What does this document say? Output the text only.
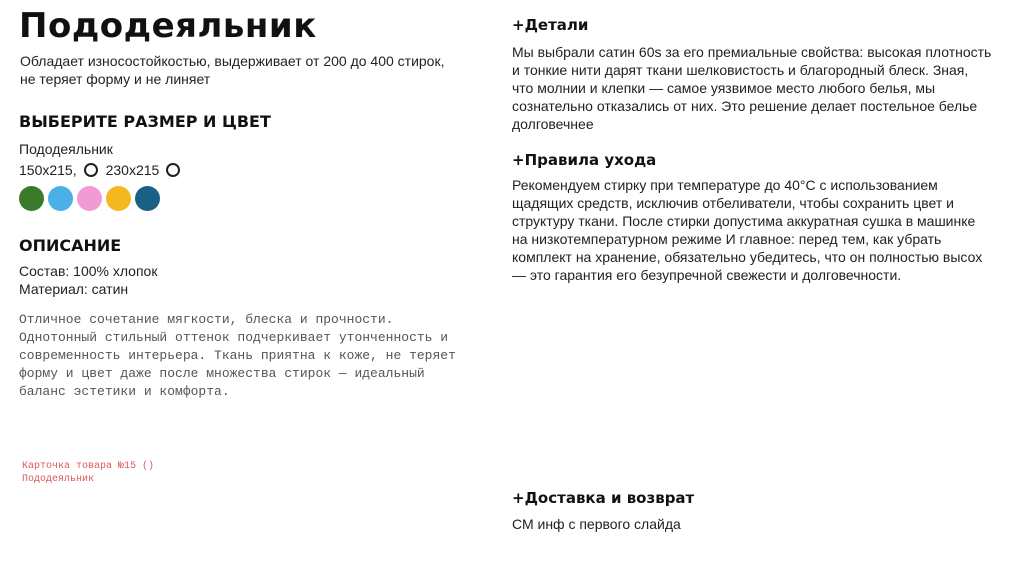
Пододеяльник
Обладает износостойкостью, выдерживает от 200 до 400 стирок, не теряет форму и не линяет
ВЫБЕРИТЕ РАЗМЕР И ЦВЕТ
Пододеяльник
150x215, 230x215
ОПИСАНИЕ
Состав: 100% хлопок
Материал: сатин
Отличное сочетание мягкости, блеска и прочности. Однотонный стильный оттенок подчеркивает утонченность и современность интерьера. Ткань приятна к коже, не теряет форму и цвет даже после множества стирок — идеальный баланс эстетики и комфорта.
Карточка товара №15 ()
Пододеяльник
+Детали
Мы выбрали сатин 60s за его премиальные свойства: высокая плотность и тонкие нити дарят ткани шелковистость и благородный блеск. Зная, что молнии и клепки — самое уязвимое место любого белья, мы сознательно отказались от них. Это решение делает постельное белье долговечнее
+Правила ухода
Рекомендуем стирку при температуре до 40°C с использованием щадящих средств, исключив отбеливатели, чтобы сохранить цвет и структуру ткани. После стирки допустима аккуратная сушка в машинке на низкотемпературном режиме И главное: перед тем, как убрать комплект на хранение, обязательно убедитесь, что он полностью высох — это гарантия его безупречной свежести и долговечности.
+Доставка и возврат
СМ инф с первого слайда
